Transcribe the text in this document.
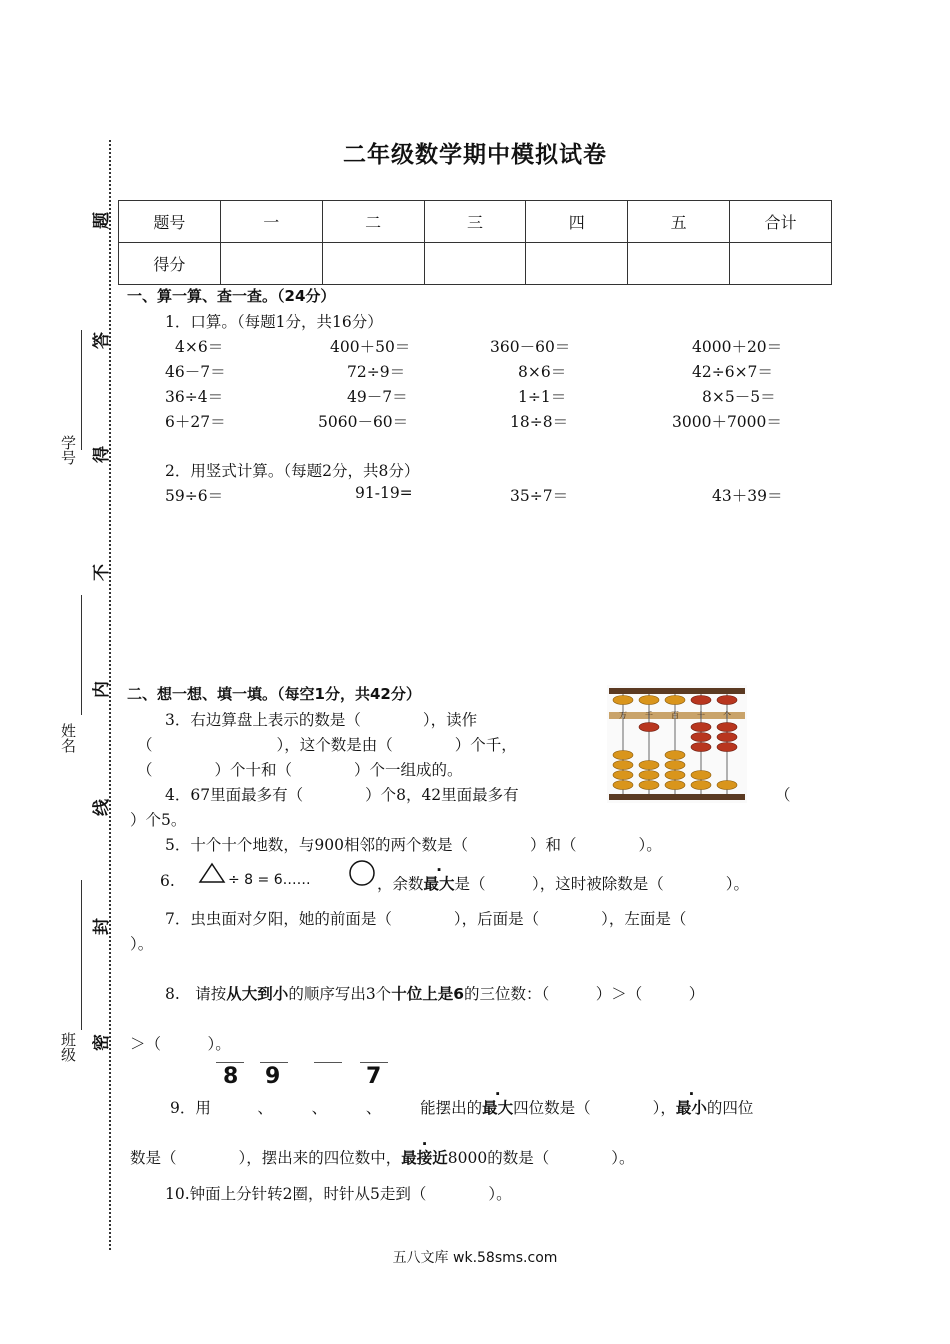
二年级数学期中模拟试卷
学号
姓名
班级
题
答
得
不
内
线
封
密
题号	一	二	三	四	五	合计
得分						
一、算一算、查一查。（24分）
1．口算。（每题1分，共16分）
4×6＝	400＋50＝	360－60＝	4000＋20＝
46－7＝	72÷9＝	8×6＝	42÷6×7＝
36÷4＝	49－7＝	1÷1＝	8×5－5＝
6＋27＝	5060－60＝	18÷8＝	3000＋7000＝
2．用竖式计算。（每题2分，共8分）
59÷6＝	91-19=	35÷7＝	43＋39＝
二、想一想、填一填。（每空1分，共42分）
万 千 百 十 个
3．右边算盘上表示的数是（　　　　），读作
（　　　　　　　　），这个数是由（　　　　）个千，
（　　　　）个十和（　　　　）个一组成的。
4．67里面最多有（　　　　）个8，42里面最多有	（
）个5。
5．十个十个地数，与900相邻的两个数是（　　　　）和（　　　　）。
6.	÷ 8 = 6……	，余数最大是（　　　），这时被除数是（　　　　）。
7．虫虫面对夕阳，她的前面是（　　　　），后面是（　　　　），左面是（
）。
8.　请按从大到小的顺序写出3个十位上是6的三位数：（　　　）＞（　　　）
＞（　　　）。
8 9	7
9．用　　　、　　　、　　　、　　　能摆出的最大四位数是（　　　　），最小的四位
数是（　　　　），摆出来的四位数中，最接近8000的数是（　　　　）。
10.钟面上分针转2圈，时针从5走到（　　　　）。
五八文库 wk.58sms.com
